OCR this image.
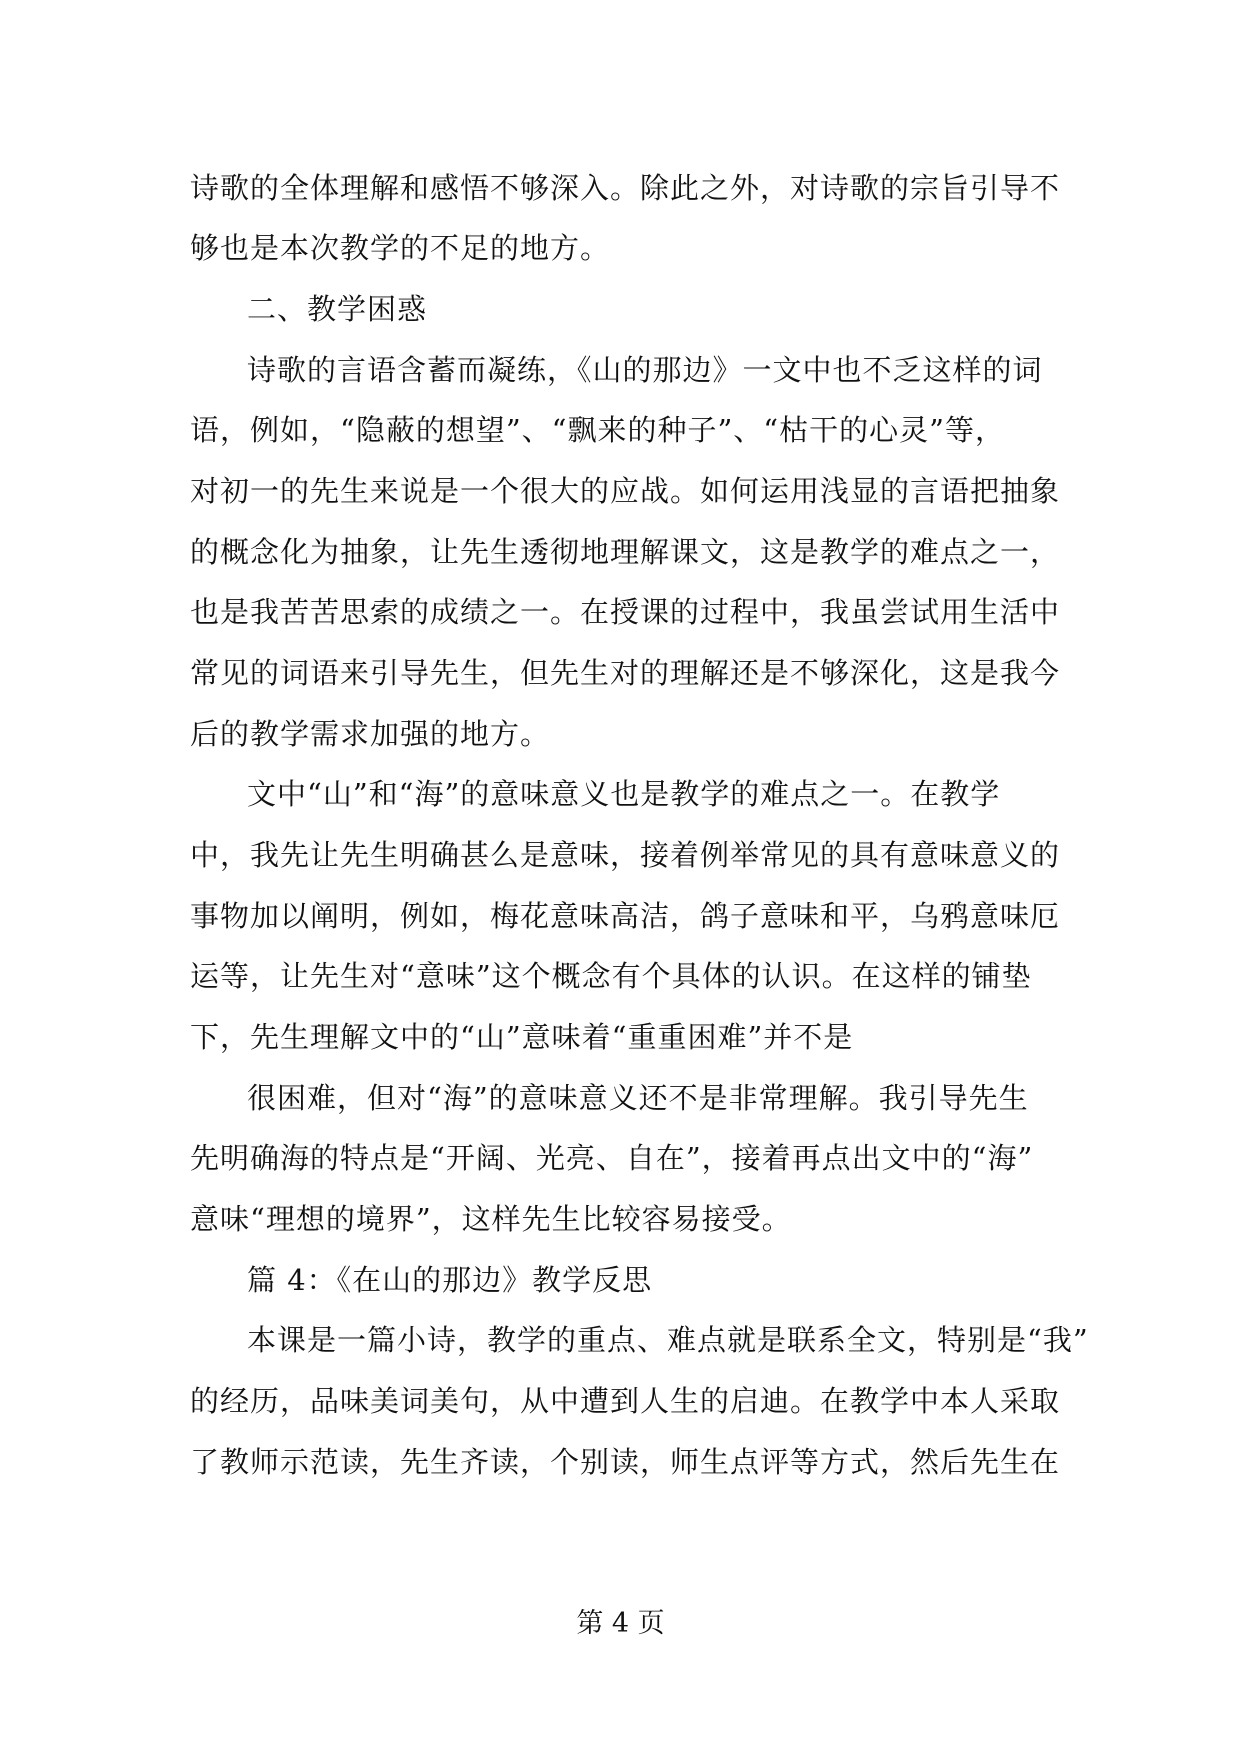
诗歌的全体理解和感悟不够深入。除此之外，对诗歌的宗旨引导不
够也是本次教学的不足的地方。
二、教学困惑
诗歌的言语含蓄而凝练，《山的那边》一文中也不乏这样的词
语，例如，“隐蔽的想望”、“飘来的种子”、“枯干的心灵”等，
对初一的先生来说是一个很大的应战。如何运用浅显的言语把抽象
的概念化为抽象，让先生透彻地理解课文，这是教学的难点之一，
也是我苦苦思索的成绩之一。在授课的过程中，我虽尝试用生活中
常见的词语来引导先生，但先生对的理解还是不够深化，这是我今
后的教学需求加强的地方。
文中“山”和“海”的意味意义也是教学的难点之一。在教学
中，我先让先生明确甚么是意味，接着例举常见的具有意味意义的
事物加以阐明，例如，梅花意味高洁，鸽子意味和平，乌鸦意味厄
运等，让先生对“意味”这个概念有个具体的认识。在这样的铺垫
下，先生理解文中的“山”意味着“重重困难”并不是
很困难，但对“海”的意味意义还不是非常理解。我引导先生
先明确海的特点是“开阔、光亮、自在”，接着再点出文中的“海”
意味“理想的境界”，这样先生比较容易接受。
篇 4：《在山的那边》教学反思
本课是一篇小诗，教学的重点、难点就是联系全文，特别是“我”
的经历，品味美词美句，从中遭到人生的启迪。在教学中本人采取
了教师示范读，先生齐读，个别读，师生点评等方式，然后先生在
第 4 页
